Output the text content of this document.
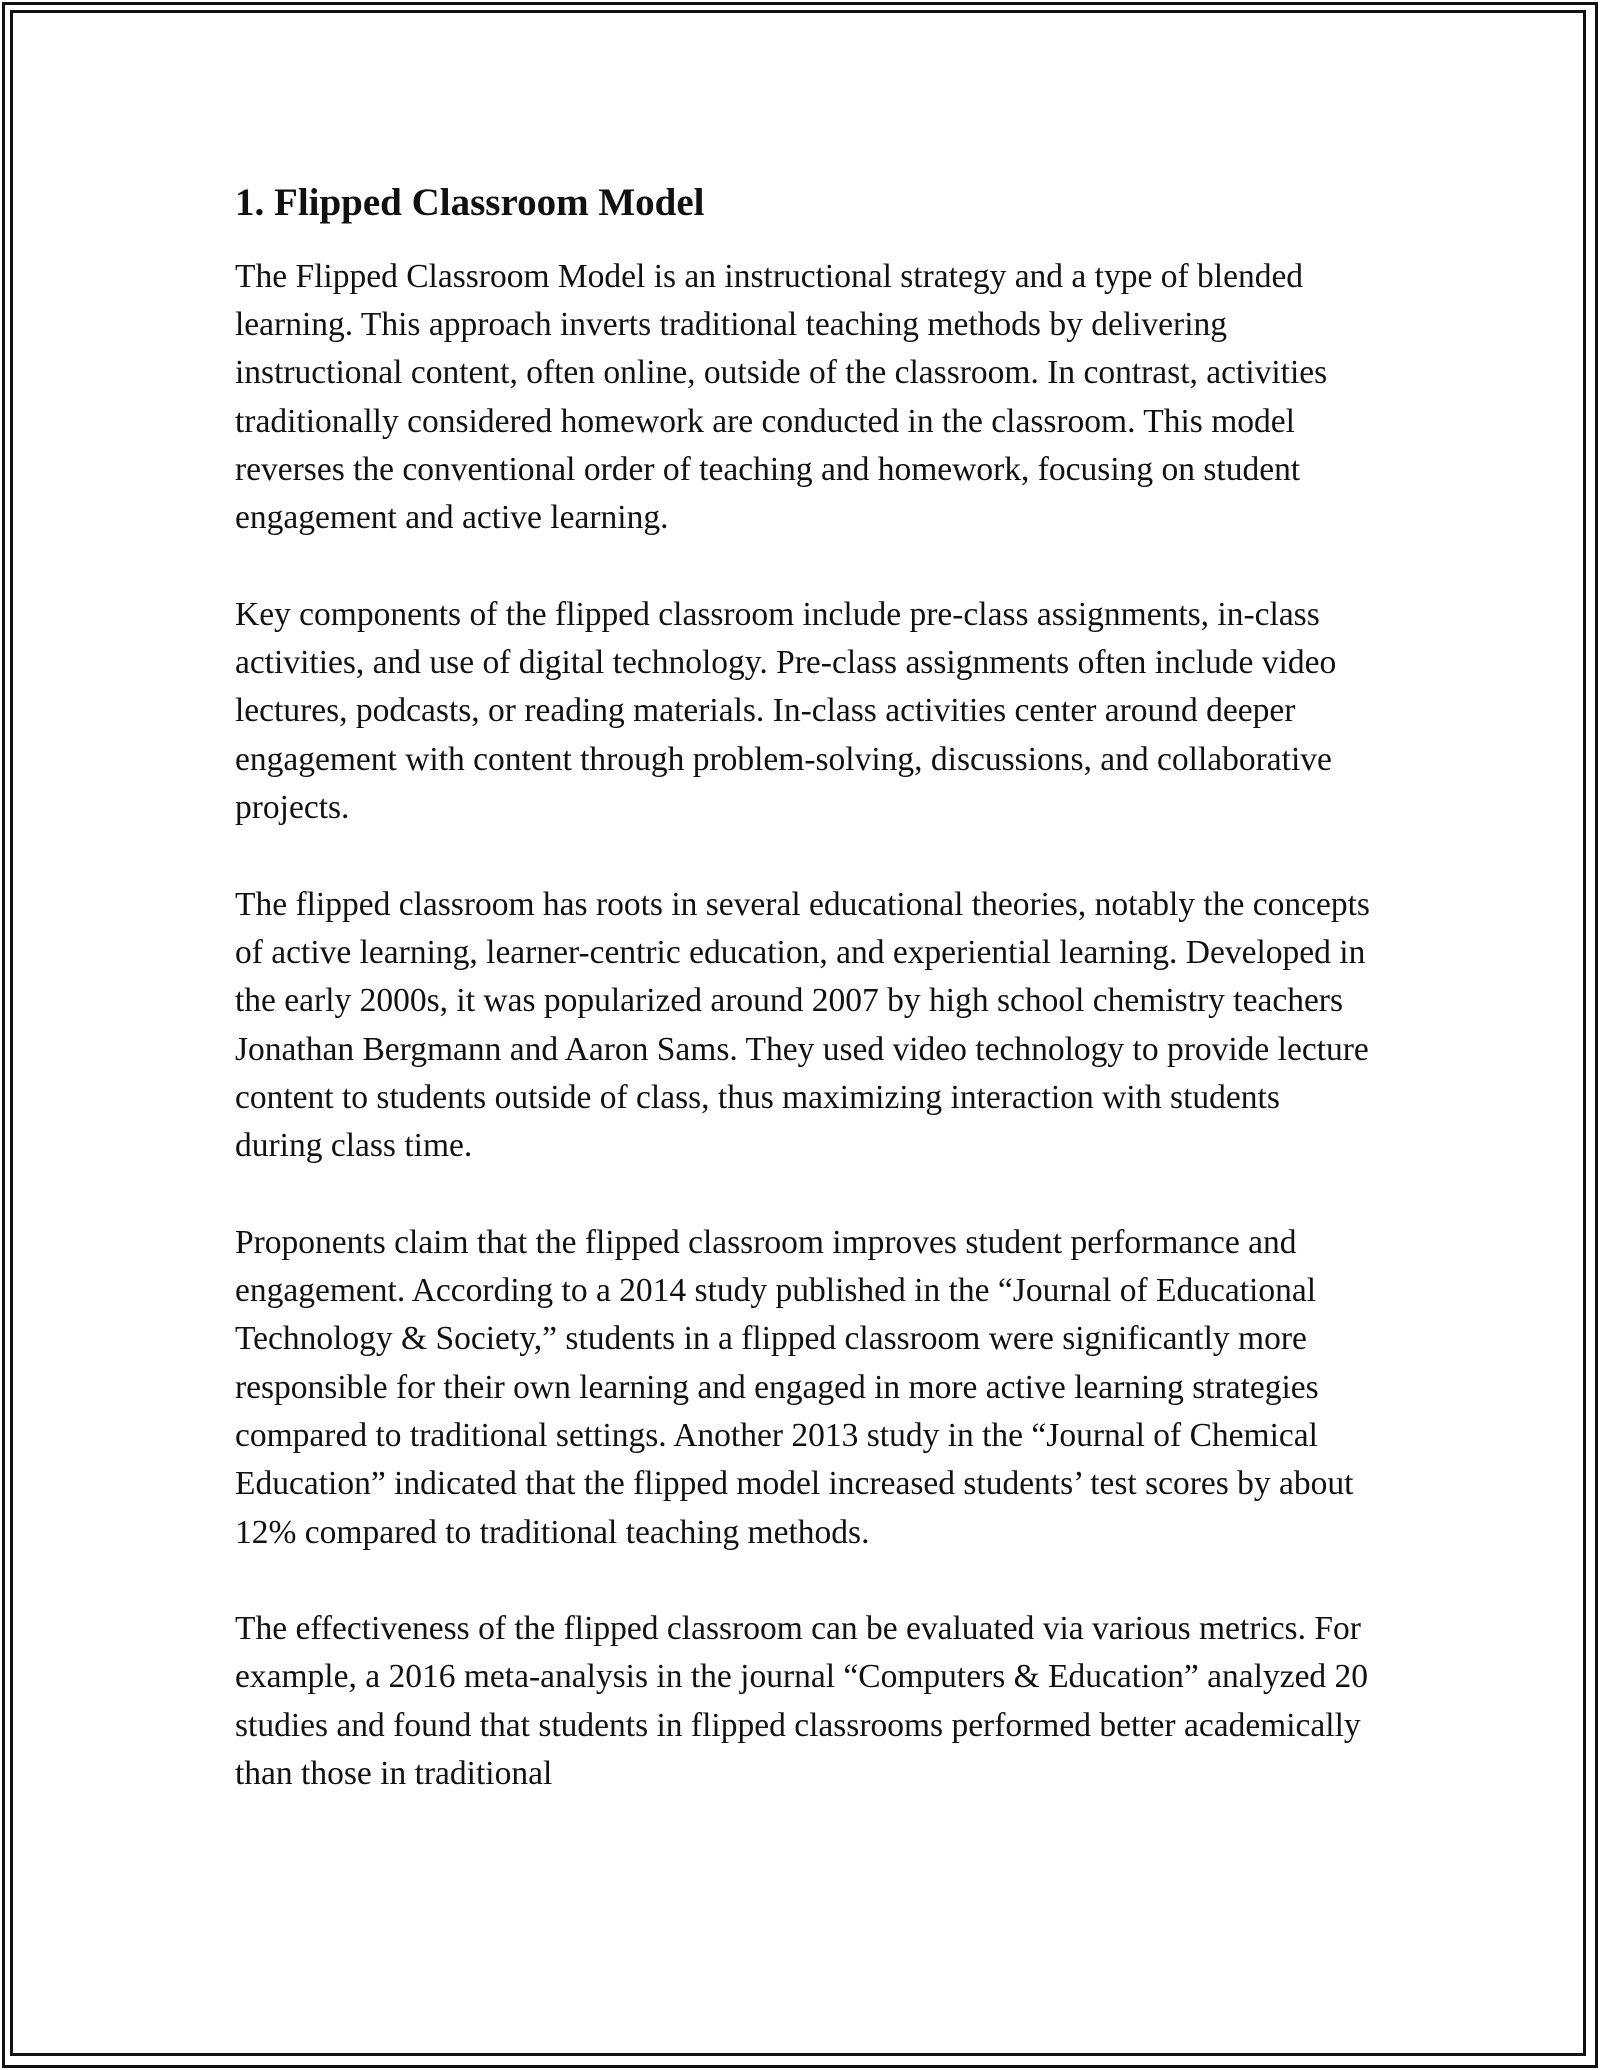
1. Flipped Classroom Model

The Flipped Classroom Model is an instructional strategy and a type of blended learning. This approach inverts traditional teaching methods by delivering instructional content, often online, outside of the classroom. In contrast, activities traditionally considered homework are conducted in the classroom. This model reverses the conventional order of teaching and homework, focusing on student engagement and active learning.

Key components of the flipped classroom include pre-class assignments, in-class activities, and use of digital technology. Pre-class assignments often include video lectures, podcasts, or reading materials. In-class activities center around deeper engagement with content through problem-solving, discussions, and collaborative projects.

The flipped classroom has roots in several educational theories, notably the concepts of active learning, learner-centric education, and experiential learning. Developed in the early 2000s, it was popularized around 2007 by high school chemistry teachers Jonathan Bergmann and Aaron Sams. They used video technology to provide lecture content to students outside of class, thus maximizing interaction with students during class time.

Proponents claim that the flipped classroom improves student performance and engagement. According to a 2014 study published in the “Journal of Educational Technology & Society,” students in a flipped classroom were significantly more responsible for their own learning and engaged in more active learning strategies compared to traditional settings. Another 2013 study in the “Journal of Chemical Education” indicated that the flipped model increased students’ test scores by about 12% compared to traditional teaching methods.

The effectiveness of the flipped classroom can be evaluated via various metrics. For example, a 2016 meta-analysis in the journal “Computers & Education” analyzed 20 studies and found that students in flipped classrooms performed better academically than those in traditional
